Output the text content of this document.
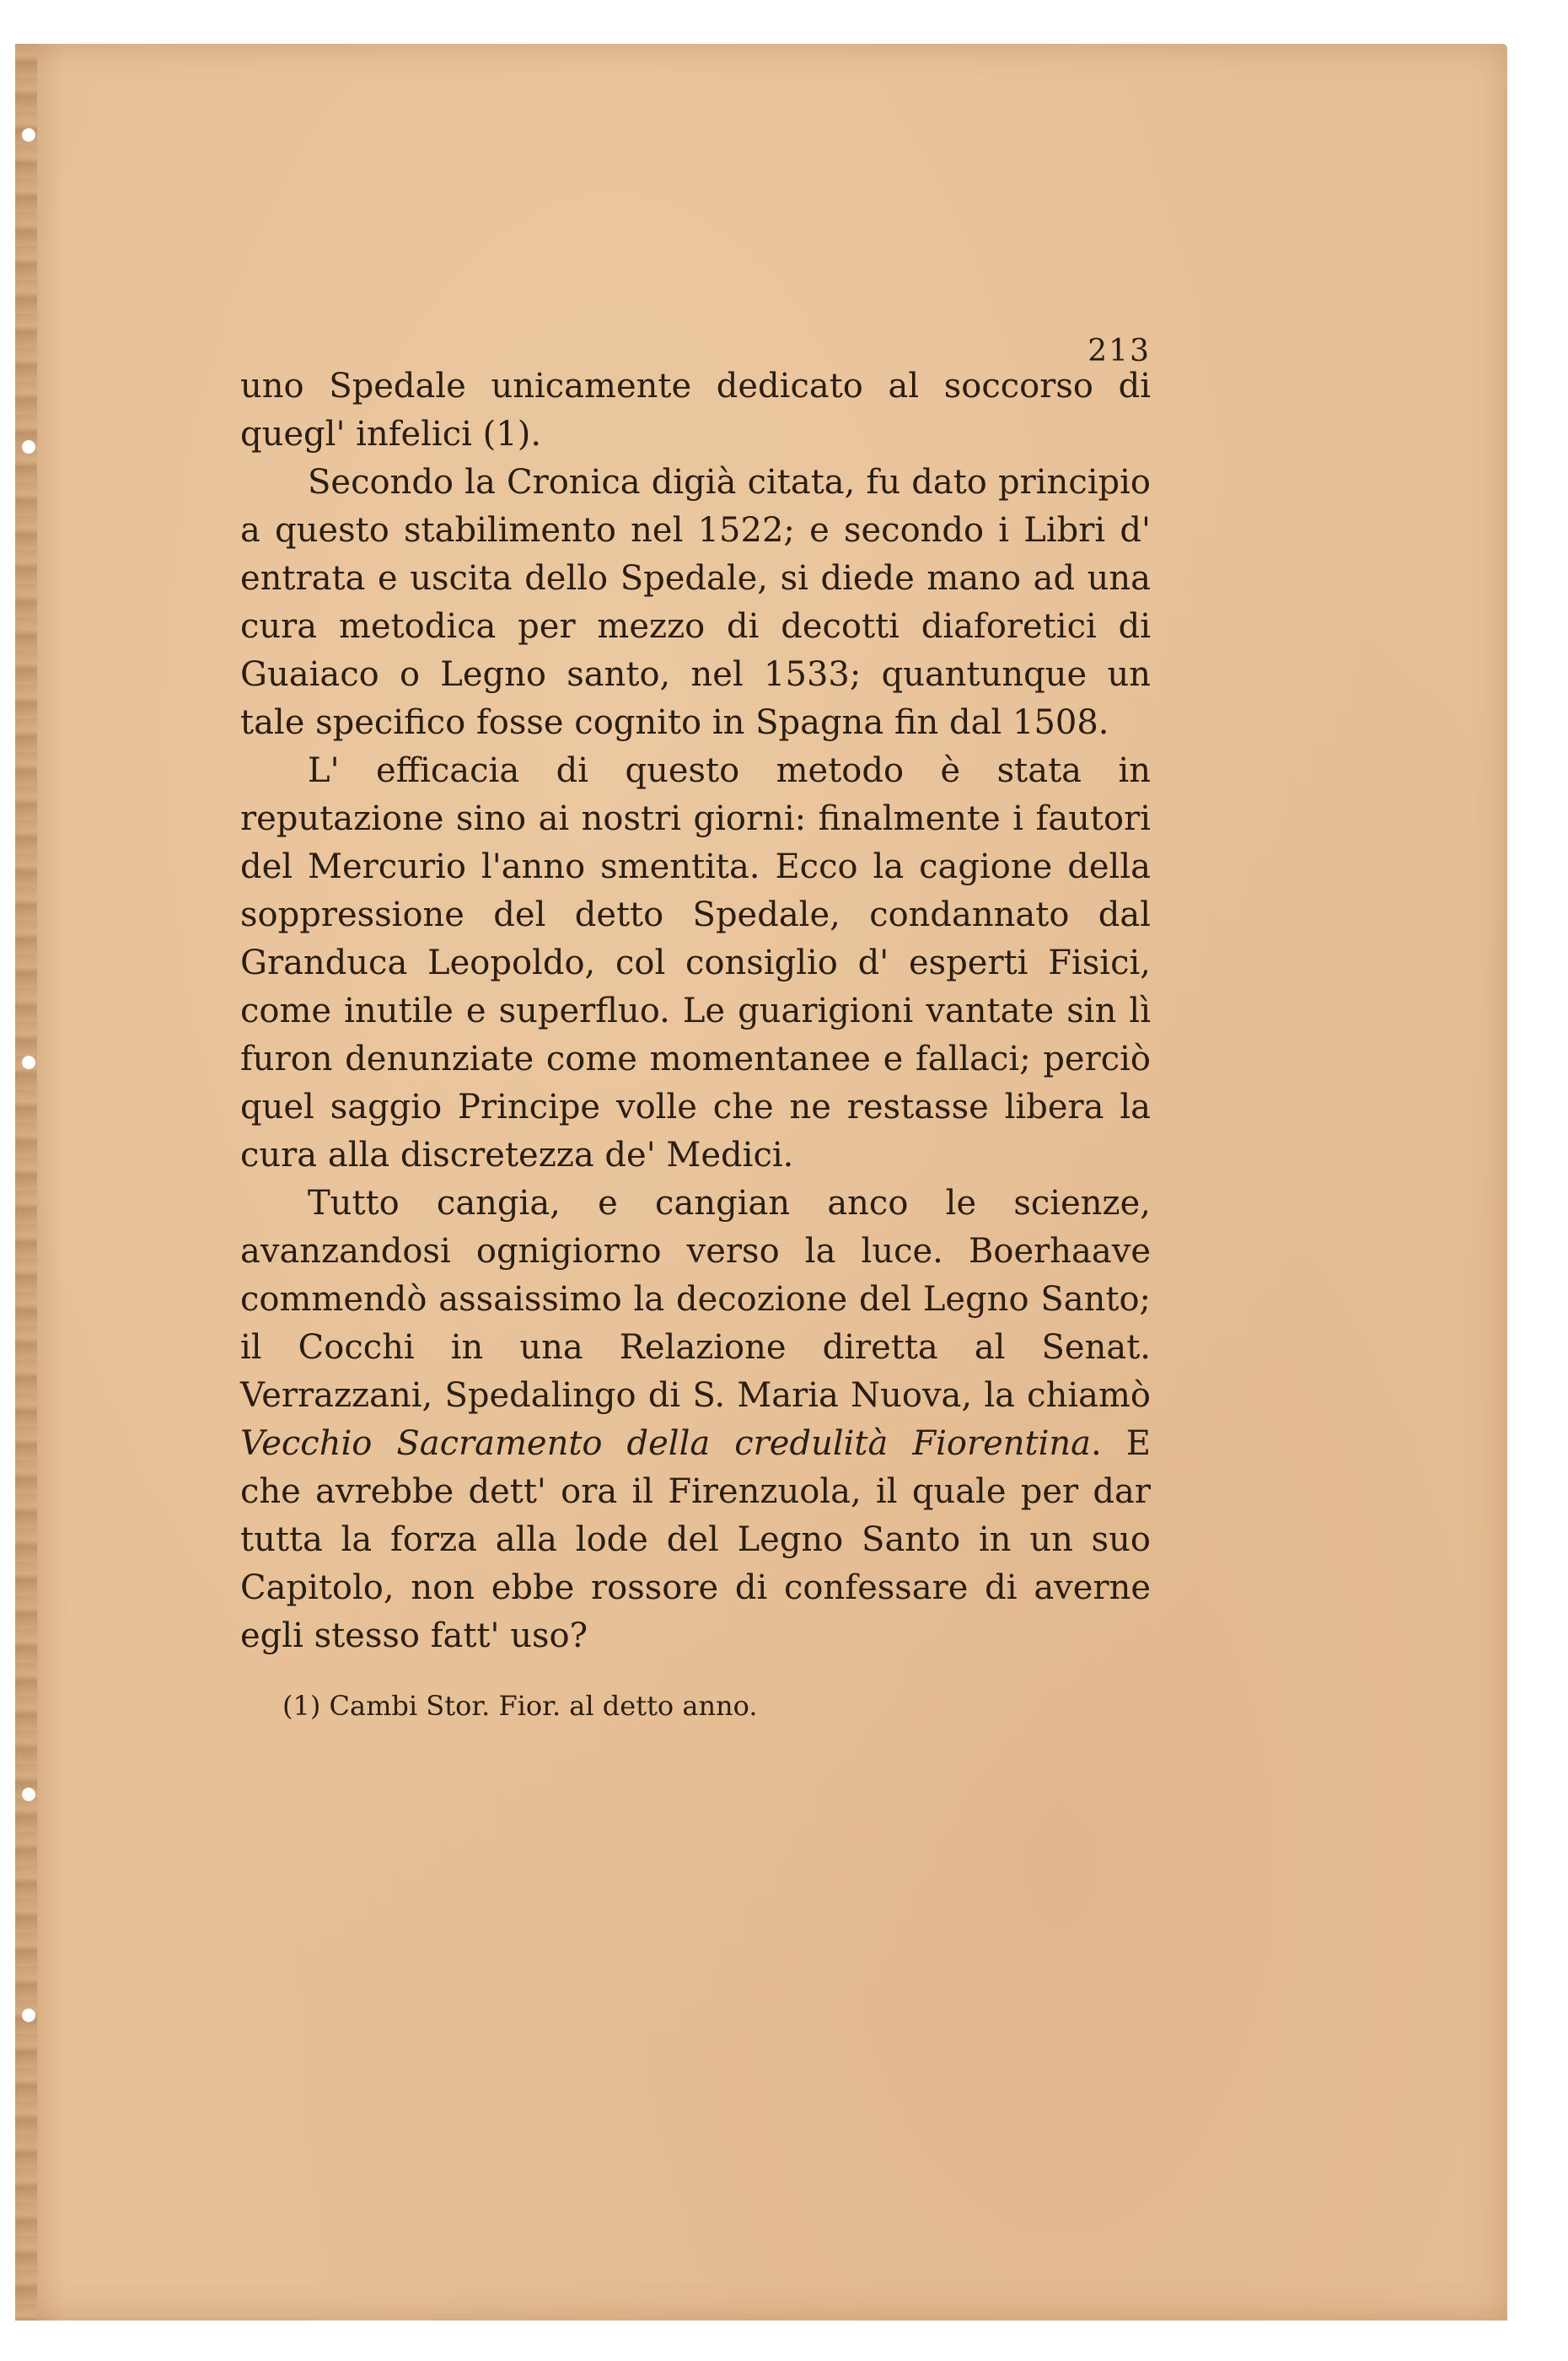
213

uno Spedale unicamente dedicato al soccorso di quegl' infelici (1).

Secondo la Cronica digià citata, fu dato principio a questo stabilimento nel 1522; e secondo i Libri d' entrata e uscita dello Spedale, si diede mano ad una cura metodica per mezzo di decotti diaforetici di Guaiaco o Legno santo, nel 1533; quantunque un tale specifico fosse cognito in Spagna fin dal 1508.

L' efficacia di questo metodo è stata in reputazione sino ai nostri giorni: finalmente i fautori del Mercurio l'anno smentita. Ecco la cagione della soppressione del detto Spedale, condannato dal Granduca Leopoldo, col consiglio d' esperti Fisici, come inutile e superfluo. Le guarigioni vantate sin lì furon denunziate come momentanee e fallaci; perciò quel saggio Principe volle che ne restasse libera la cura alla discretezza de' Medici.

Tutto cangia, e cangian anco le scienze, avanzandosi ognigiorno verso la luce. Boerhaave commendò assaissimo la decozione del Legno Santo; il Cocchi in una Relazione diretta al Senat. Verrazzani, Spedalingo di S. Maria Nuova, la chiamò Vecchio Sacramento della credulità Fiorentina. E che avrebbe dett' ora il Firenzuola, il quale per dar tutta la forza alla lode del Legno Santo in un suo Capitolo, non ebbe rossore di confessare di averne egli stesso fatt' uso?

(1) Cambi Stor. Fior. al detto anno.
